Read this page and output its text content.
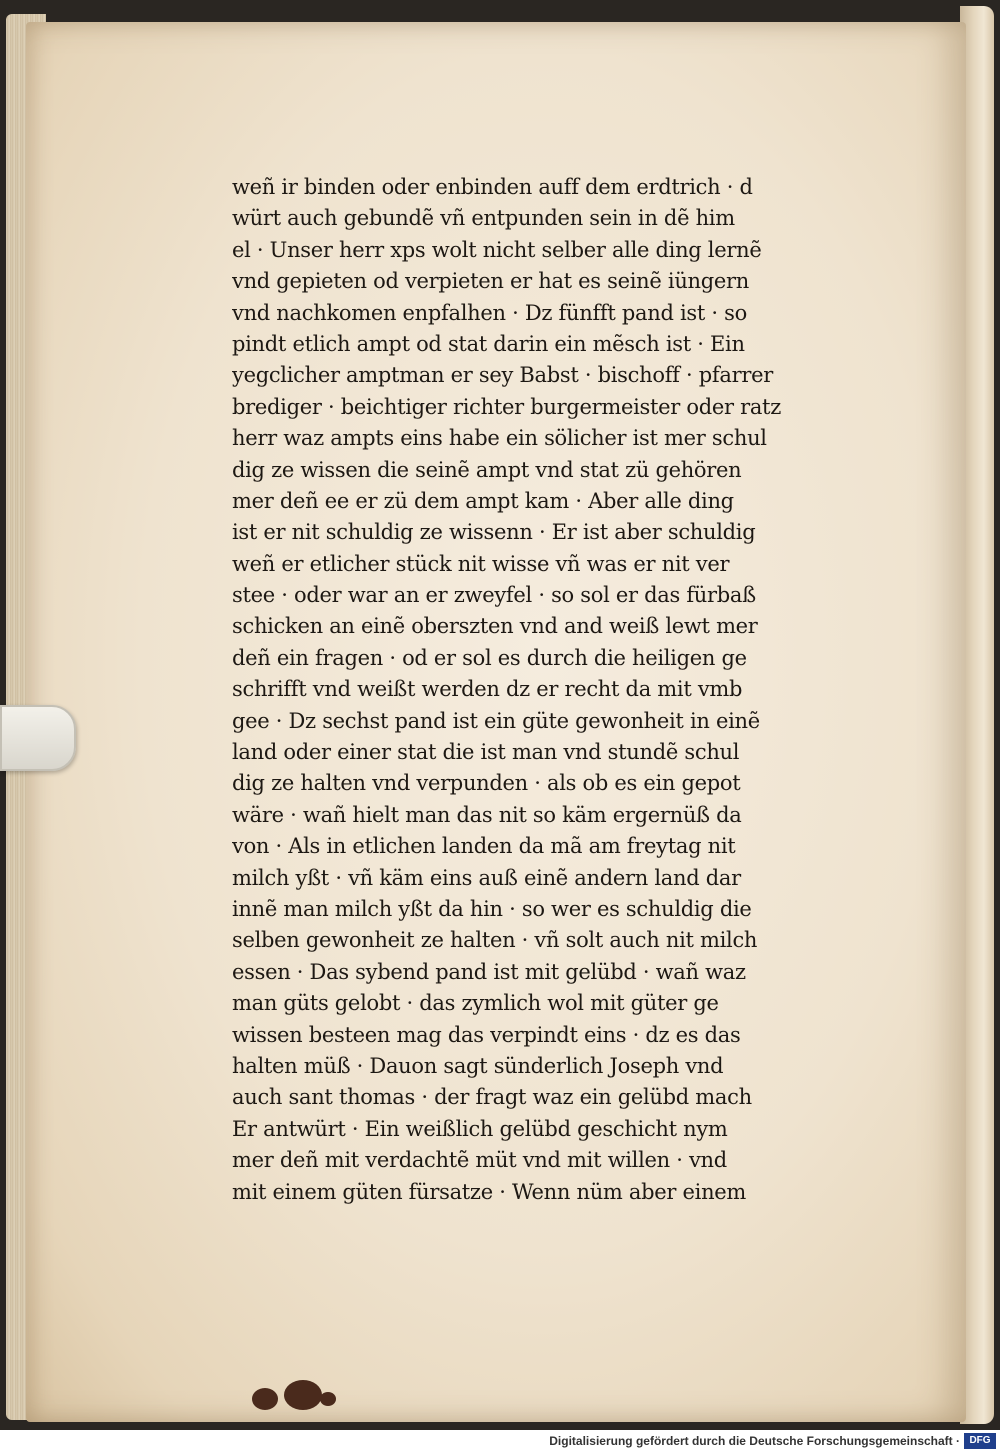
weñ ir binden oder enbinden auff dem erdtrich · d
würt auch gebundẽ vñ entpunden sein in dẽ him
el · Unser herr xps wolt nicht selber alle ding lernẽ
vnd gepieten od verpieten er hat es seinẽ iüngern
vnd nachkomen enpfalhen · Dz fünfft pand ist · so
pindt etlich ampt od stat darin ein mẽsch ist · Ein
yegclicher amptman er sey Babst · bischoff · pfarrer
brediger · beichtiger richter burgermeister oder ratz
herr waz ampts eins habe ein sölicher ist mer schul
dig ze wissen die seinẽ ampt vnd stat zü gehören
mer deñ ee er zü dem ampt kam · Aber alle ding
ist er nit schuldig ze wissenn · Er ist aber schuldig
weñ er etlicher stück nit wisse vñ was er nit ver
stee · oder war an er zweyfel · so sol er das fürbaß
schicken an einẽ oberszten vnd and weiß lewt mer
deñ ein fragen · od er sol es durch die heiligen ge
schrifft vnd weißt werden dz er recht da mit vmb
gee · Dz sechst pand ist ein güte gewonheit in einẽ
land oder einer stat die ist man vnd stundẽ schul
dig ze halten vnd verpunden · als ob es ein gepot
wäre · wañ hielt man das nit so käm ergernüß da
von · Als in etlichen landen da mã am freytag nit
milch yßt · vñ käm eins auß einẽ andern land dar
innẽ man milch yßt da hin · so wer es schuldig die
selben gewonheit ze halten · vñ solt auch nit milch
essen · Das sybend pand ist mit gelübd · wañ waz
man güts gelobt · das zymlich wol mit güter ge
wissen besteen mag das verpindt eins · dz es das
halten müß · Dauon sagt sünderlich Joseph vnd
auch sant thomas · der fragt waz ein gelübd mach
Er antwürt · Ein weißlich gelübd geschicht nym
mer deñ mit verdachtẽ müt vnd mit willen · vnd
mit einem güten fürsatze · Wenn nüm aber einem
Digitalisierung gefördert durch die Deutsche Forschungsgemeinschaft · DFG
